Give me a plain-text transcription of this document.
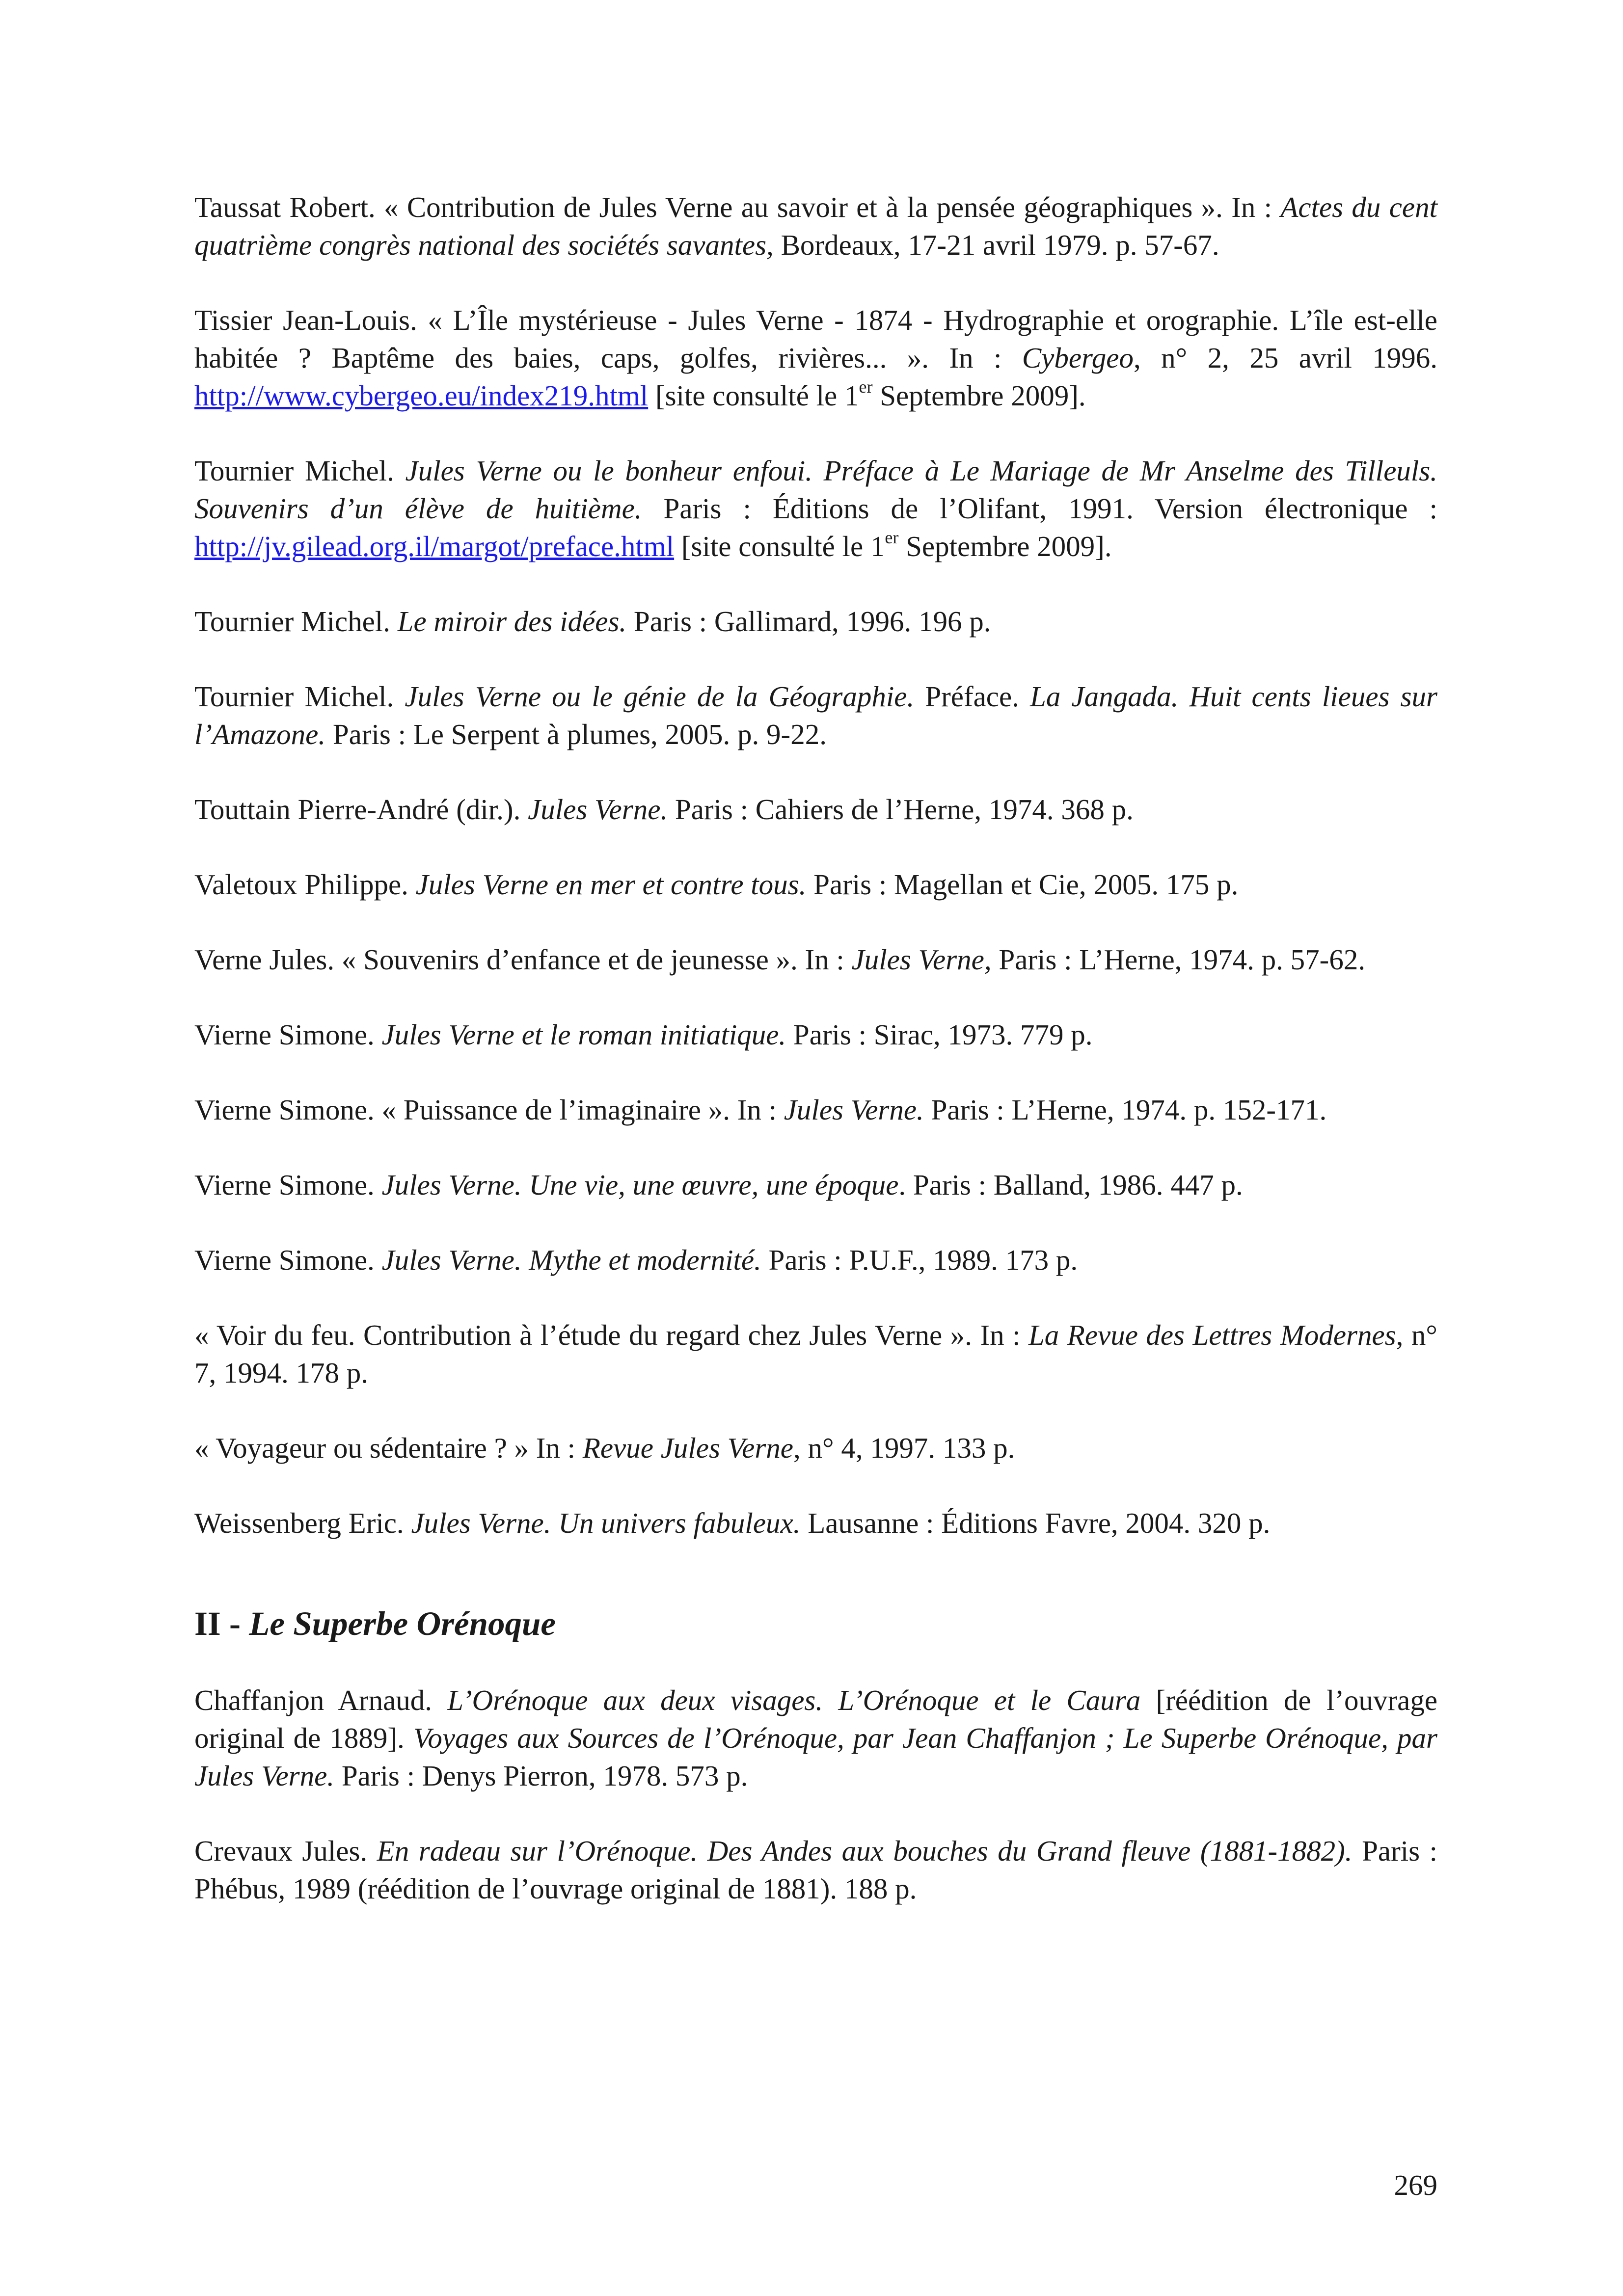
Taussat Robert. « Contribution de Jules Verne au savoir et à la pensée géographiques ». In : Actes du cent quatrième congrès national des sociétés savantes, Bordeaux, 17-21 avril 1979. p. 57-67.

Tissier Jean-Louis. « L’Île mystérieuse - Jules Verne - 1874 - Hydrographie et orographie. L’île est-elle habitée ? Baptême des baies, caps, golfes, rivières... ». In : Cybergeo, n° 2, 25 avril 1996. http://www.cybergeo.eu/index219.html [site consulté le 1er Septembre 2009].

Tournier Michel. Jules Verne ou le bonheur enfoui. Préface à Le Mariage de Mr Anselme des Tilleuls. Souvenirs d’un élève de huitième. Paris : Éditions de l’Olifant, 1991. Version électronique : http://jv.gilead.org.il/margot/preface.html [site consulté le 1er Septembre 2009].

Tournier Michel. Le miroir des idées. Paris : Gallimard, 1996. 196 p.

Tournier Michel. Jules Verne ou le génie de la Géographie. Préface. La Jangada. Huit cents lieues sur l’Amazone. Paris : Le Serpent à plumes, 2005. p. 9-22.

Touttain Pierre-André (dir.). Jules Verne. Paris : Cahiers de l’Herne, 1974. 368 p.

Valetoux Philippe. Jules Verne en mer et contre tous. Paris : Magellan et Cie, 2005. 175 p.

Verne Jules. « Souvenirs d’enfance et de jeunesse ». In : Jules Verne, Paris : L’Herne, 1974. p. 57-62.

Vierne Simone. Jules Verne et le roman initiatique. Paris : Sirac, 1973. 779 p.

Vierne Simone. « Puissance de l’imaginaire ». In : Jules Verne. Paris : L’Herne, 1974. p. 152-171.

Vierne Simone. Jules Verne. Une vie, une œuvre, une époque. Paris : Balland, 1986. 447 p.

Vierne Simone. Jules Verne. Mythe et modernité. Paris : P.U.F., 1989. 173 p.

« Voir du feu. Contribution à l’étude du regard chez Jules Verne ». In : La Revue des Lettres Modernes, n° 7, 1994. 178 p.

« Voyageur ou sédentaire ? » In : Revue Jules Verne, n° 4, 1997. 133 p.

Weissenberg Eric. Jules Verne. Un univers fabuleux. Lausanne : Éditions Favre, 2004. 320 p.

II - Le Superbe Orénoque

Chaffanjon Arnaud. L’Orénoque aux deux visages. L’Orénoque et le Caura [réédition de l’ouvrage original de 1889]. Voyages aux Sources de l’Orénoque, par Jean Chaffanjon ; Le Superbe Orénoque, par Jules Verne. Paris : Denys Pierron, 1978. 573 p.

Crevaux Jules. En radeau sur l’Orénoque. Des Andes aux bouches du Grand fleuve (1881-1882). Paris : Phébus, 1989 (réédition de l’ouvrage original de 1881). 188 p.

269
